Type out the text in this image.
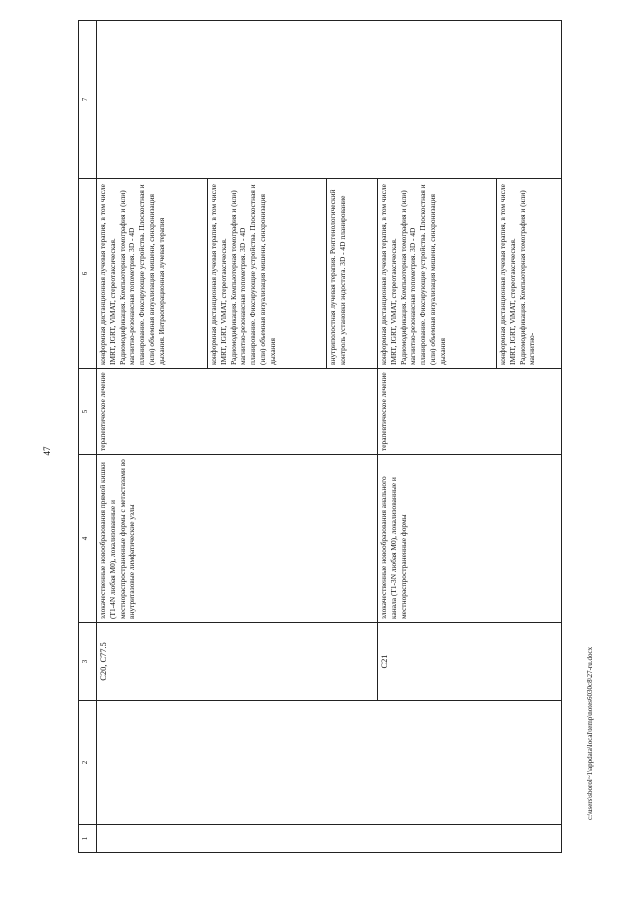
47
1	2	3	4	5	6	7
		C20, C77.5	злокачественные новообразования прямой кишки (T1-4N любая M0), локализованные и местнораспространенные формы с метастазами во внутритазовые лимфатические узлы	терапевтическое лечение	конформная дистанционная лучевая терапия, в том числе IMRT, IGRT, ViMAT, стереотаксическая. Радиомодификация. Компьютерная томография и (или) магнитно-резонансная топометрия. 3D - 4D планирование. Фиксирующие устройства. Плоскостная и (или) объемная визуализация мишени, синхронизация дыхания. Интраоперационная лучевая терапия	
					конформная дистанционная лучевая терапия, в том числе IMRT, IGRT, ViMAT, стереотаксическая. Радиомодификация. Компьютерная томография и (или) магнитно-резонансная топометрия. 3D - 4D планирование. Фиксирующие устройства. Плоскостная и (или) объемная визуализация мишени, синхронизация дыхания	
					внутриполостная лучевая терапия. Рентгенологический контроль установки эндостата. 3D - 4D планирование	
		C21	злокачественные новообразования анального канала (T1-3N любая M0), локализованные и местнораспространенные формы	терапевтическое лечение	конформная дистанционная лучевая терапия, в том числе IMRT, IGRT, ViMAT, стереотаксическая. Радиомодификация. Компьютерная томография и (или) магнитно-резонансная топометрия. 3D - 4D планирование. Фиксирующие устройства. Плоскостная и (или) объемная визуализация мишени, синхронизация дыхания	
					конформная дистанционная лучевая терапия, в том числе IMRT, IGRT, ViMAT, стереотаксическая. Радиомодификация. Компьютерная томография и (или) магнитно-	
c:\users\sborol~1\appdata\local\temp\notes6030c8\27-ru.docx
